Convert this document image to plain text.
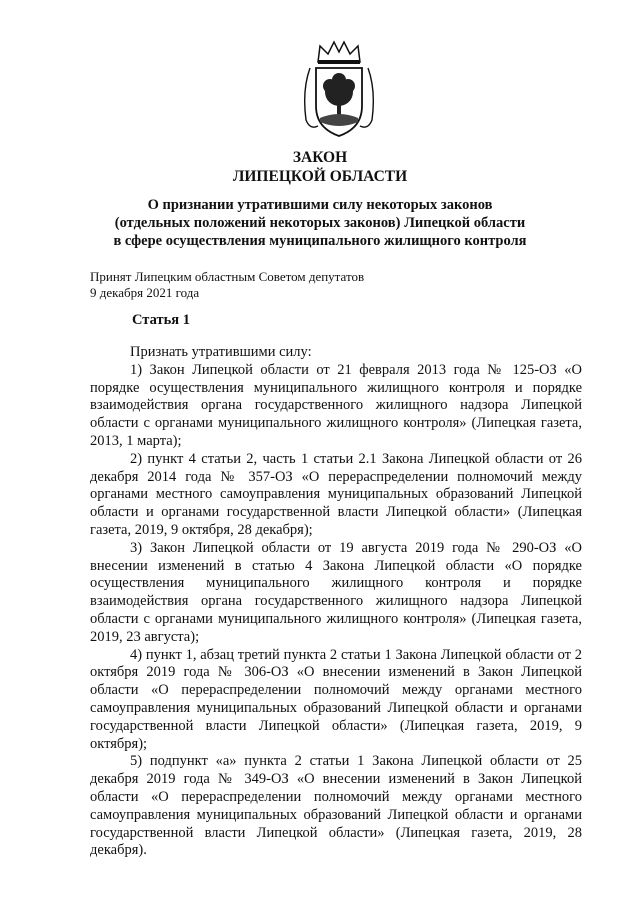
ЗАКОН
ЛИПЕЦКОЙ ОБЛАСТИ
О признании утратившими силу некоторых законов
(отдельных положений некоторых законов) Липецкой области
в сфере осуществления муниципального жилищного контроля
Принят Липецким областным Советом депутатов
9 декабря 2021 года
Статья 1

Признать утратившими силу:

1) Закон Липецкой области от 21 февраля 2013 года № 125-ОЗ «О порядке осуществления муниципального жилищного контроля и порядке взаимодействия органа государственного жилищного надзора Липецкой области с органами муниципального жилищного контроля» (Липецкая газета, 2013, 1 марта);

2) пункт 4 статьи 2, часть 1 статьи 2.1 Закона Липецкой области от 26 декабря 2014 года № 357-ОЗ «О перераспределении полномочий между органами местного самоуправления муниципальных образований Липецкой области и органами государственной власти Липецкой области» (Липецкая газета, 2019, 9 октября, 28 декабря);

3) Закон Липецкой области от 19 августа 2019 года № 290-ОЗ «О внесении изменений в статью 4 Закона Липецкой области «О порядке осуществления муниципального жилищного контроля и порядке взаимодействия органа государственного жилищного надзора Липецкой области с органами муниципального жилищного контроля» (Липецкая газета, 2019, 23 августа);

4) пункт 1, абзац третий пункта 2 статьи 1 Закона Липецкой области от 2 октября 2019 года № 306-ОЗ «О внесении изменений в Закон Липецкой области «О перераспределении полномочий между органами местного самоуправления муниципальных образований Липецкой области и органами государственной власти Липецкой области» (Липецкая газета, 2019, 9 октября);

5) подпункт «а» пункта 2 статьи 1 Закона Липецкой области от 25 декабря 2019 года № 349-ОЗ «О внесении изменений в Закон Липецкой области «О перераспределении полномочий между органами местного самоуправления муниципальных образований Липецкой области и органами государственной власти Липецкой области» (Липецкая газета, 2019, 28 декабря).
